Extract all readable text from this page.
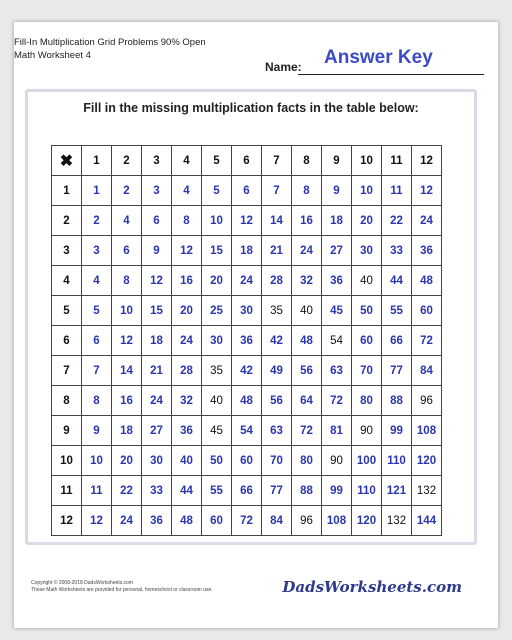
Fill-In Multiplication Grid Problems 90% Open
Math Worksheet 4
Name: Answer Key
Fill in the missing multiplication facts in the table below:
✖	1	2	3	4	5	6	7	8	9	10	11	12
1	1	2	3	4	5	6	7	8	9	10	11	12
2	2	4	6	8	10	12	14	16	18	20	22	24
3	3	6	9	12	15	18	21	24	27	30	33	36
4	4	8	12	16	20	24	28	32	36	40	44	48
5	5	10	15	20	25	30	35	40	45	50	55	60
6	6	12	18	24	30	36	42	48	54	60	66	72
7	7	14	21	28	35	42	49	56	63	70	77	84
8	8	16	24	32	40	48	56	64	72	80	88	96
9	9	18	27	36	45	54	63	72	81	90	99	108
10	10	20	30	40	50	60	70	80	90	100	110	120
11	11	22	33	44	55	66	77	88	99	110	121	132
12	12	24	36	48	60	72	84	96	108	120	132	144
Copyright © 2008-2018 DadsWorksheets.com
These Math Worksheets are provided for personal, homeschool or classroom use.	DadsWorksheets.com
